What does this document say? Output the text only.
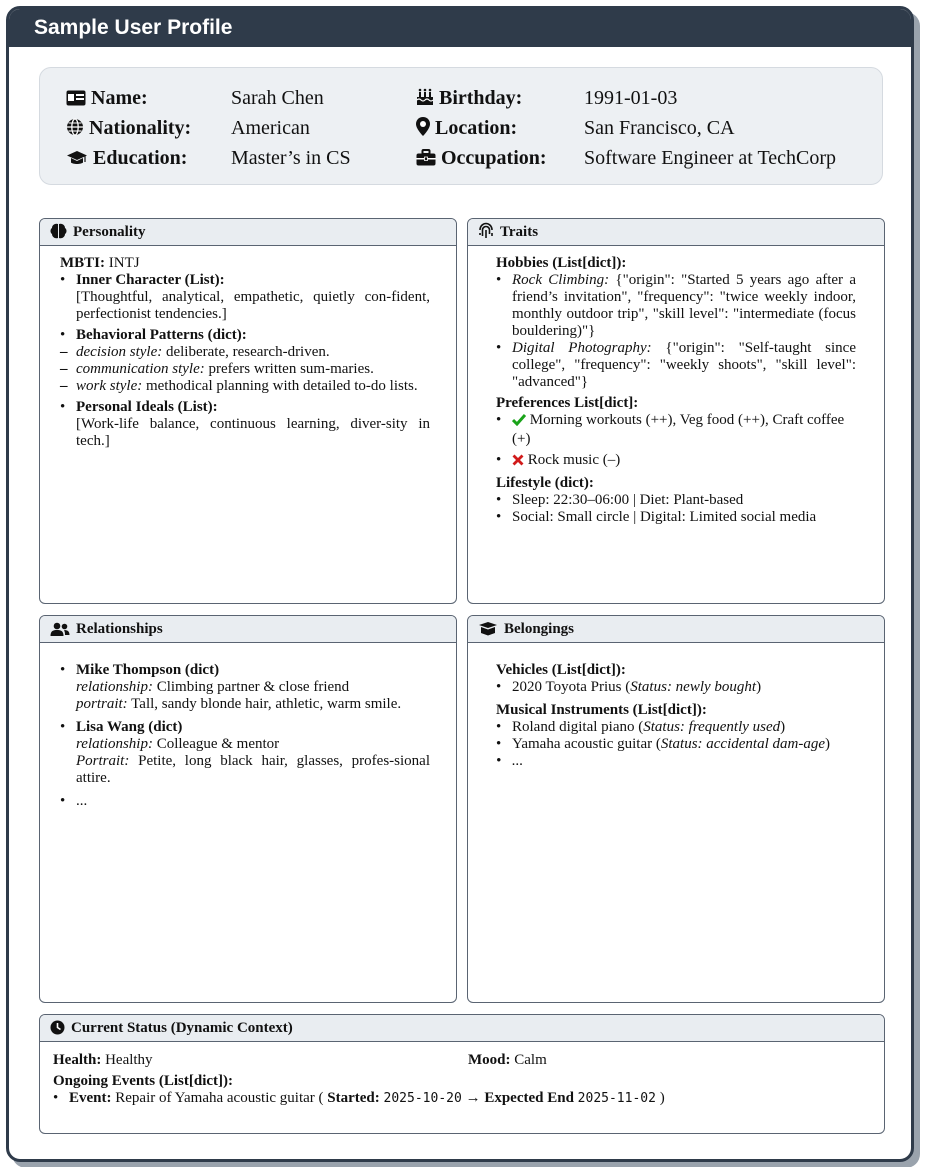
Sample User Profile
Name:	Sarah Chen	Birthday:	1991-01-03
Nationality:	American	Location:	San Francisco, CA
Education:	Master’s in CS	Occupation:	Software Engineer at TechCorp
Personality
MBTI: INTJ
• Inner Character (List):
[Thoughtful, analytical, empathetic, quietly con-fident, perfectionist tendencies.]
• Behavioral Patterns (dict):
– decision style: deliberate, research-driven.
– communication style: prefers written sum-maries.
– work style: methodical planning with detailed to-do lists.
• Personal Ideals (List):
[Work-life balance, continuous learning, diver-sity in tech.]
Traits
Hobbies (List[dict]):
• Rock Climbing: {"origin": "Started 5 years ago after a friend’s invitation", "frequency": "twice weekly indoor, monthly outdoor trip", "skill level": "intermediate (focus bouldering)"}
• Digital Photography: {"origin": "Self-taught since college", "frequency": "weekly shoots", "skill level": "advanced"}
Preferences List[dict]:
• Morning workouts (++), Veg food (++), Craft coffee (+)
• Rock music (–)
Lifestyle (dict):
• Sleep: 22:30–06:00 | Diet: Plant-based
• Social: Small circle | Digital: Limited social media
Relationships
• Mike Thompson (dict)
relationship: Climbing partner & close friend
portrait: Tall, sandy blonde hair, athletic, warm smile.
• Lisa Wang (dict)
relationship: Colleague & mentor
Portrait: Petite, long black hair, glasses, profes-sional attire.
• ...
Belongings
Vehicles (List[dict]):
• 2020 Toyota Prius (Status: newly bought)
Musical Instruments (List[dict]):
• Roland digital piano (Status: frequently used)
• Yamaha acoustic guitar (Status: accidental dam-age)
• ...
Current Status (Dynamic Context)
Health: Healthy	Mood: Calm
Ongoing Events (List[dict]):
• Event: Repair of Yamaha acoustic guitar ( Started: 2025-10-20 → Expected End 2025-11-02 )
